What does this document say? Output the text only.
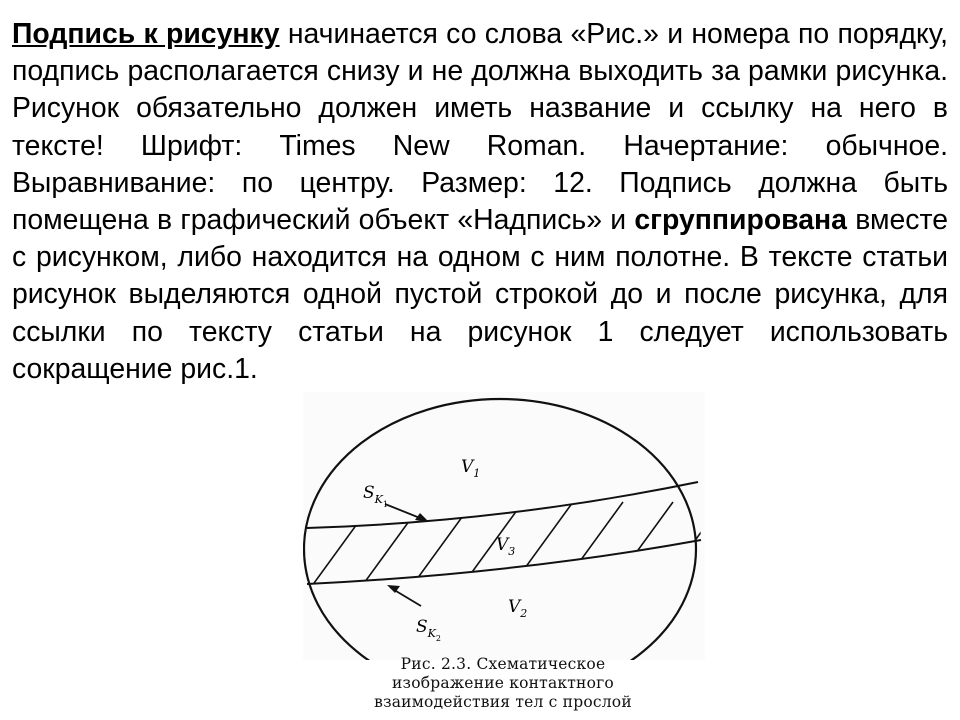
Подпись к рисунку начинается со слова «Рис.» и номера по порядку, подпись располагается снизу и не должна выходить за рамки рисунка. Рисунок обязательно должен иметь название и ссылку на него в тексте! Шрифт: Times New Roman. Начертание: обычное. Выравнивание: по центру. Размер: 12. Подпись должна быть помещена в графический объект «Надпись» и сгруппирована вместе с рисунком, либо находится на одном с ним полотне. В тексте статьи рисунок выделяются одной пустой строкой до и после рисунка, для ссылки по тексту статьи на рисунок 1 следует использовать сокращение рис.1.

$V_1$
$V_3$
$V_2$
$S_{K1}$
$S_{K2}$
Рис. 2.3. Схематическое
изображение контактного
взаимодействия тел с прослой
